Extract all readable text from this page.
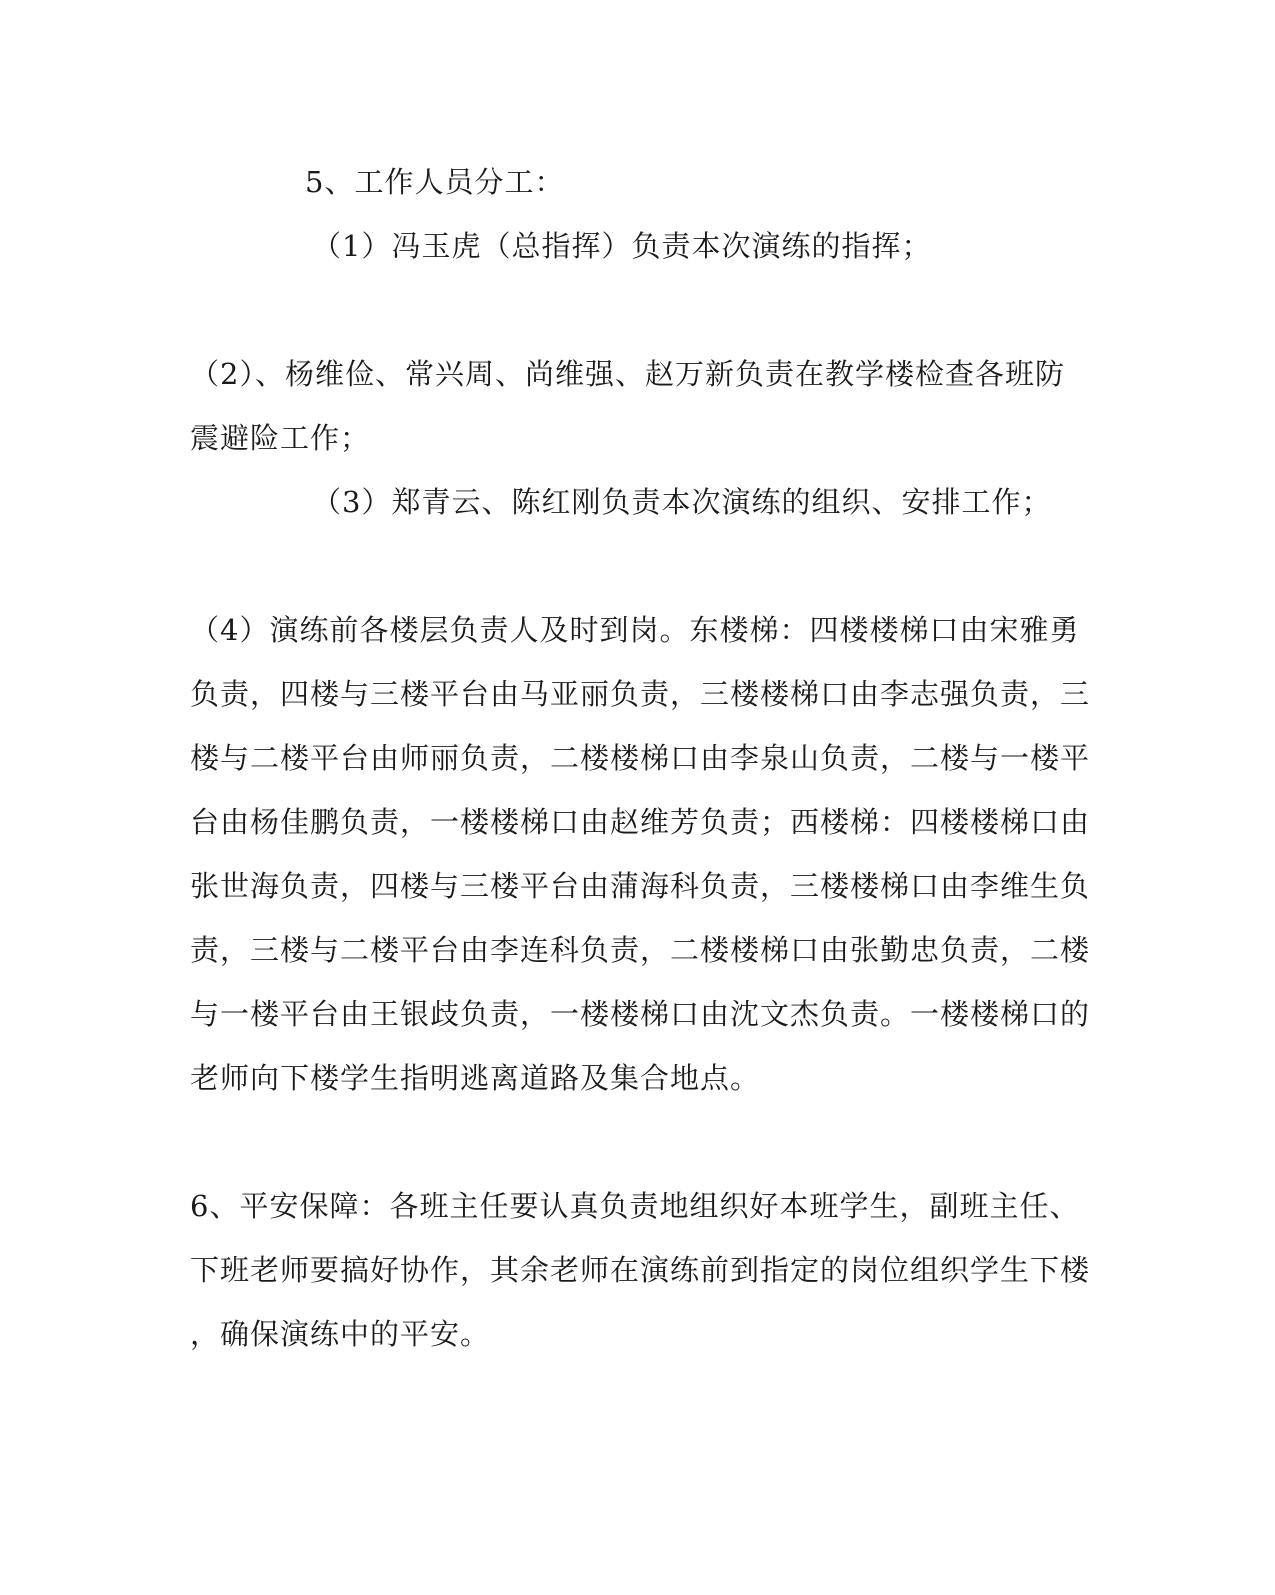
5、工作人员分工：
（1）冯玉虎（总指挥）负责本次演练的指挥；
（2）、杨维俭、常兴周、尚维强、赵万新负责在教学楼检查各班防
震避险工作；
（3）郑青云、陈红刚负责本次演练的组织、安排工作；
（4）演练前各楼层负责人及时到岗。东楼梯：四楼楼梯口由宋雅勇
负责，四楼与三楼平台由马亚丽负责，三楼楼梯口由李志强负责，三
楼与二楼平台由师丽负责，二楼楼梯口由李泉山负责，二楼与一楼平
台由杨佳鹏负责，一楼楼梯口由赵维芳负责；西楼梯：四楼楼梯口由
张世海负责，四楼与三楼平台由蒲海科负责，三楼楼梯口由李维生负
责，三楼与二楼平台由李连科负责，二楼楼梯口由张勤忠负责，二楼
与一楼平台由王银歧负责，一楼楼梯口由沈文杰负责。一楼楼梯口的
老师向下楼学生指明逃离道路及集合地点。
6、平安保障：各班主任要认真负责地组织好本班学生，副班主任、
下班老师要搞好协作，其余老师在演练前到指定的岗位组织学生下楼
，确保演练中的平安。
